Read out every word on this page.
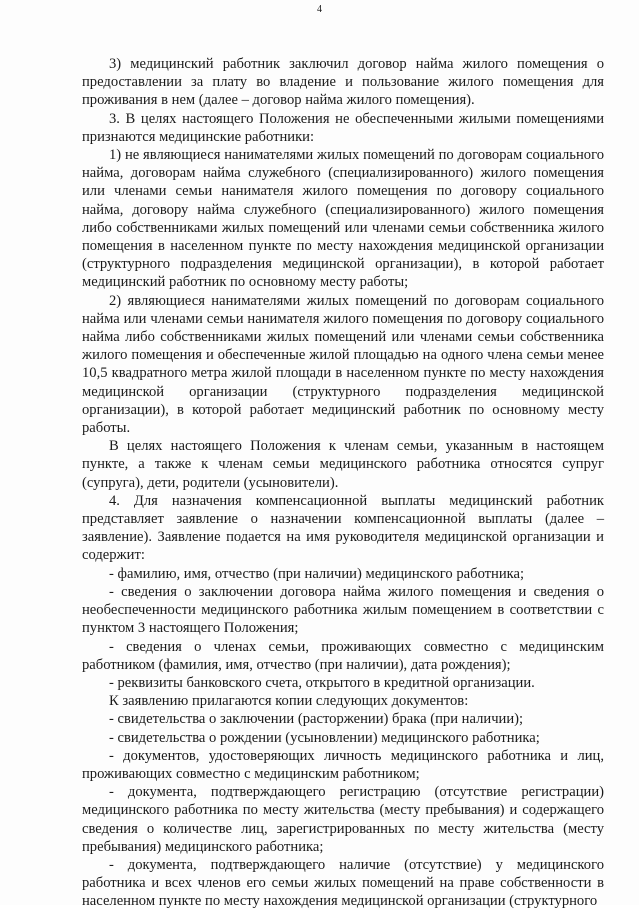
4

3) медицинский работник заключил договор найма жилого помещения о предоставлении за плату во владение и пользование жилого помещения для проживания в нем (далее – договор найма жилого помещения).

3. В целях настоящего Положения не обеспеченными жилыми помещениями признаются медицинские работники:

1) не являющиеся нанимателями жилых помещений по договорам социального найма, договорам найма служебного (специализированного) жилого помещения или членами семьи нанимателя жилого помещения по договору социального найма, договору найма служебного (специализированного) жилого помещения либо собственниками жилых помещений или членами семьи собственника жилого помещения в населенном пункте по месту нахождения медицинской организации (структурного подразделения медицинской организации), в которой работает медицинский работник по основному месту работы;

2) являющиеся нанимателями жилых помещений по договорам социального найма или членами семьи нанимателя жилого помещения по договору социального найма либо собственниками жилых помещений или членами семьи собственника жилого помещения и обеспеченные жилой площадью на одного члена семьи менее 10,5 квадратного метра жилой площади в населенном пункте по месту нахождения медицинской организации (структурного подразделения медицинской организации), в которой работает медицинский работник по основному месту работы.

В целях настоящего Положения к членам семьи, указанным в настоящем пункте, а также к членам семьи медицинского работника относятся супруг (супруга), дети, родители (усыновители).

4. Для назначения компенсационной выплаты медицинский работник представляет заявление о назначении компенсационной выплаты (далее – заявление). Заявление подается на имя руководителя медицинской организации и содержит:

- фамилию, имя, отчество (при наличии) медицинского работника;

- сведения о заключении договора найма жилого помещения и сведения о необеспеченности медицинского работника жилым помещением в соответствии с пунктом 3 настоящего Положения;

- сведения о членах семьи, проживающих совместно с медицинским работником (фамилия, имя, отчество (при наличии), дата рождения);

- реквизиты банковского счета, открытого в кредитной организации.

К заявлению прилагаются копии следующих документов:

- свидетельства о заключении (расторжении) брака (при наличии);

- свидетельства о рождении (усыновлении) медицинского работника;

- документов, удостоверяющих личность медицинского работника и лиц, проживающих совместно с медицинским работником;

- документа, подтверждающего регистрацию (отсутствие регистрации) медицинского работника по месту жительства (месту пребывания) и содержащего сведения о количестве лиц, зарегистрированных по месту жительства (месту пребывания) медицинского работника;

- документа, подтверждающего наличие (отсутствие) у медицинского работника и всех членов его семьи жилых помещений на праве собственности в населенном пункте по месту нахождения медицинской организации (структурного
